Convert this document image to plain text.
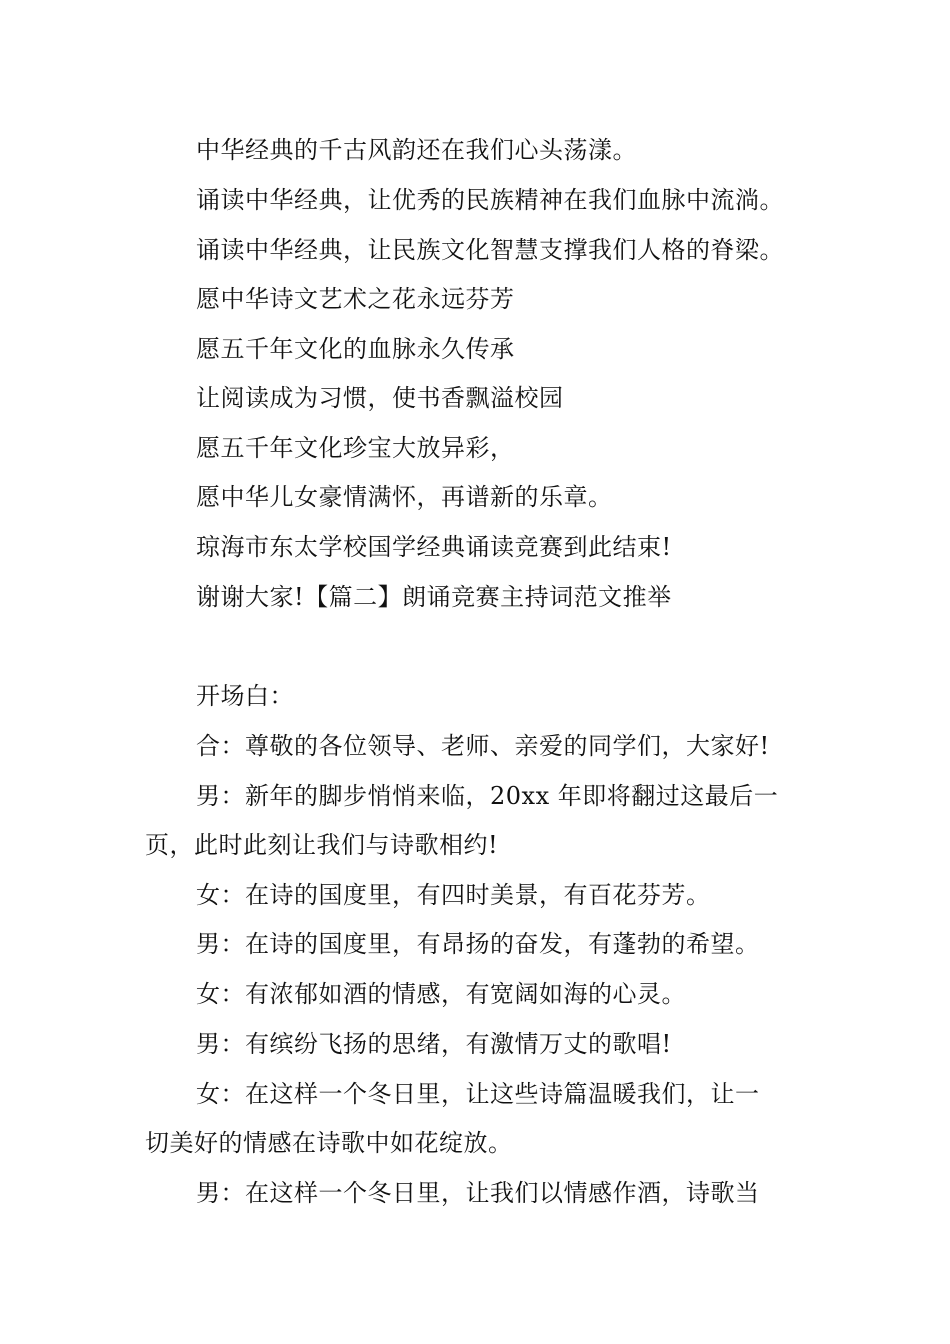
中华经典的千古风韵还在我们心头荡漾。
诵读中华经典，让优秀的民族精神在我们血脉中流淌。
诵读中华经典，让民族文化智慧支撑我们人格的脊梁。
愿中华诗文艺术之花永远芬芳
愿五千年文化的血脉永久传承
让阅读成为习惯，使书香飘溢校园
愿五千年文化珍宝大放异彩，
愿中华儿女豪情满怀，再谱新的乐章。
琼海市东太学校国学经典诵读竞赛到此结束!
谢谢大家!【篇二】朗诵竞赛主持词范文推举
开场白：
合：尊敬的各位领导、老师、亲爱的同学们，大家好!
男：新年的脚步悄悄来临，20xx 年即将翻过这最后一
页，此时此刻让我们与诗歌相约!
女：在诗的国度里，有四时美景，有百花芬芳。
男：在诗的国度里，有昂扬的奋发，有蓬勃的希望。
女：有浓郁如酒的情感，有宽阔如海的心灵。
男：有缤纷飞扬的思绪，有激情万丈的歌唱!
女：在这样一个冬日里，让这些诗篇温暖我们，让一
切美好的情感在诗歌中如花绽放。
男：在这样一个冬日里，让我们以情感作酒，诗歌当
